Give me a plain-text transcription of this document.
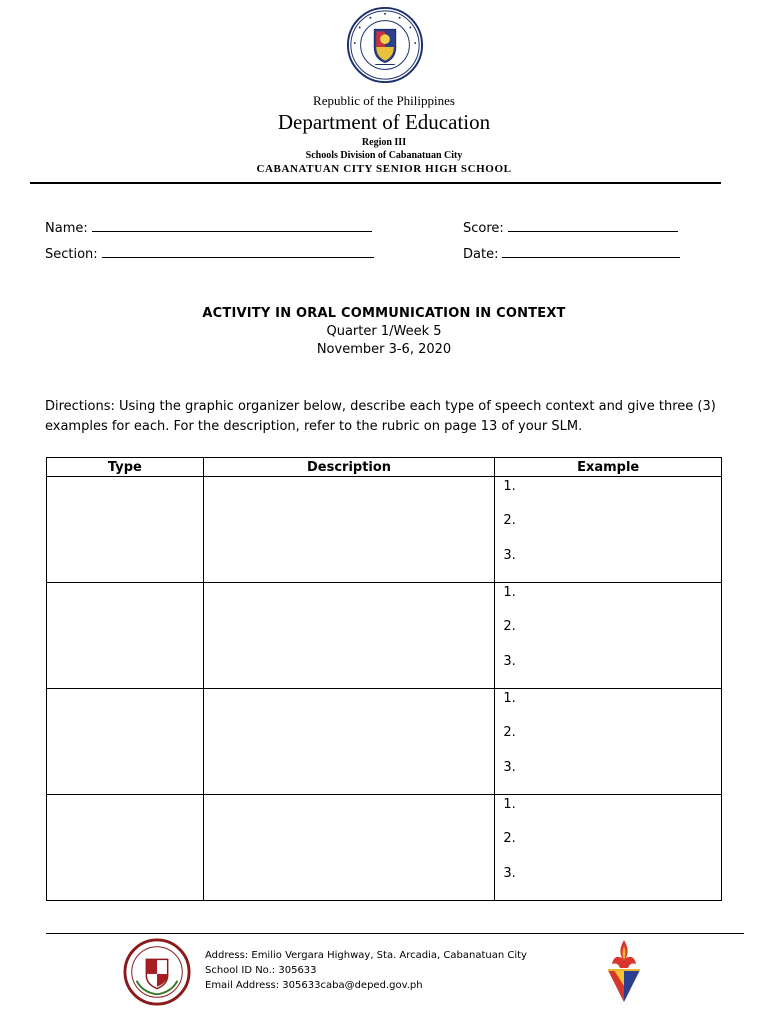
Republic of the Philippines
Department of Education
Region III
Schools Division of Cabanatuan City
CABANATUAN CITY SENIOR HIGH SCHOOL
Name:
Section:
Score:
Date:
ACTIVITY IN ORAL COMMUNICATION IN CONTEXT
Quarter 1/Week 5
November 3-6, 2020
Directions: Using the graphic organizer below, describe each type of speech context and give three (3) examples for each. For the description, refer to the rubric on page 13 of your SLM.
Type	Description	Example

		1.
2.
3.

		1.
2.
3.

		1.
2.
3.

		1.
2.
3.
Address: Emilio Vergara Highway, Sta. Arcadia, Cabanatuan City
School ID No.: 305633
Email Address: 305633caba@deped.gov.ph
